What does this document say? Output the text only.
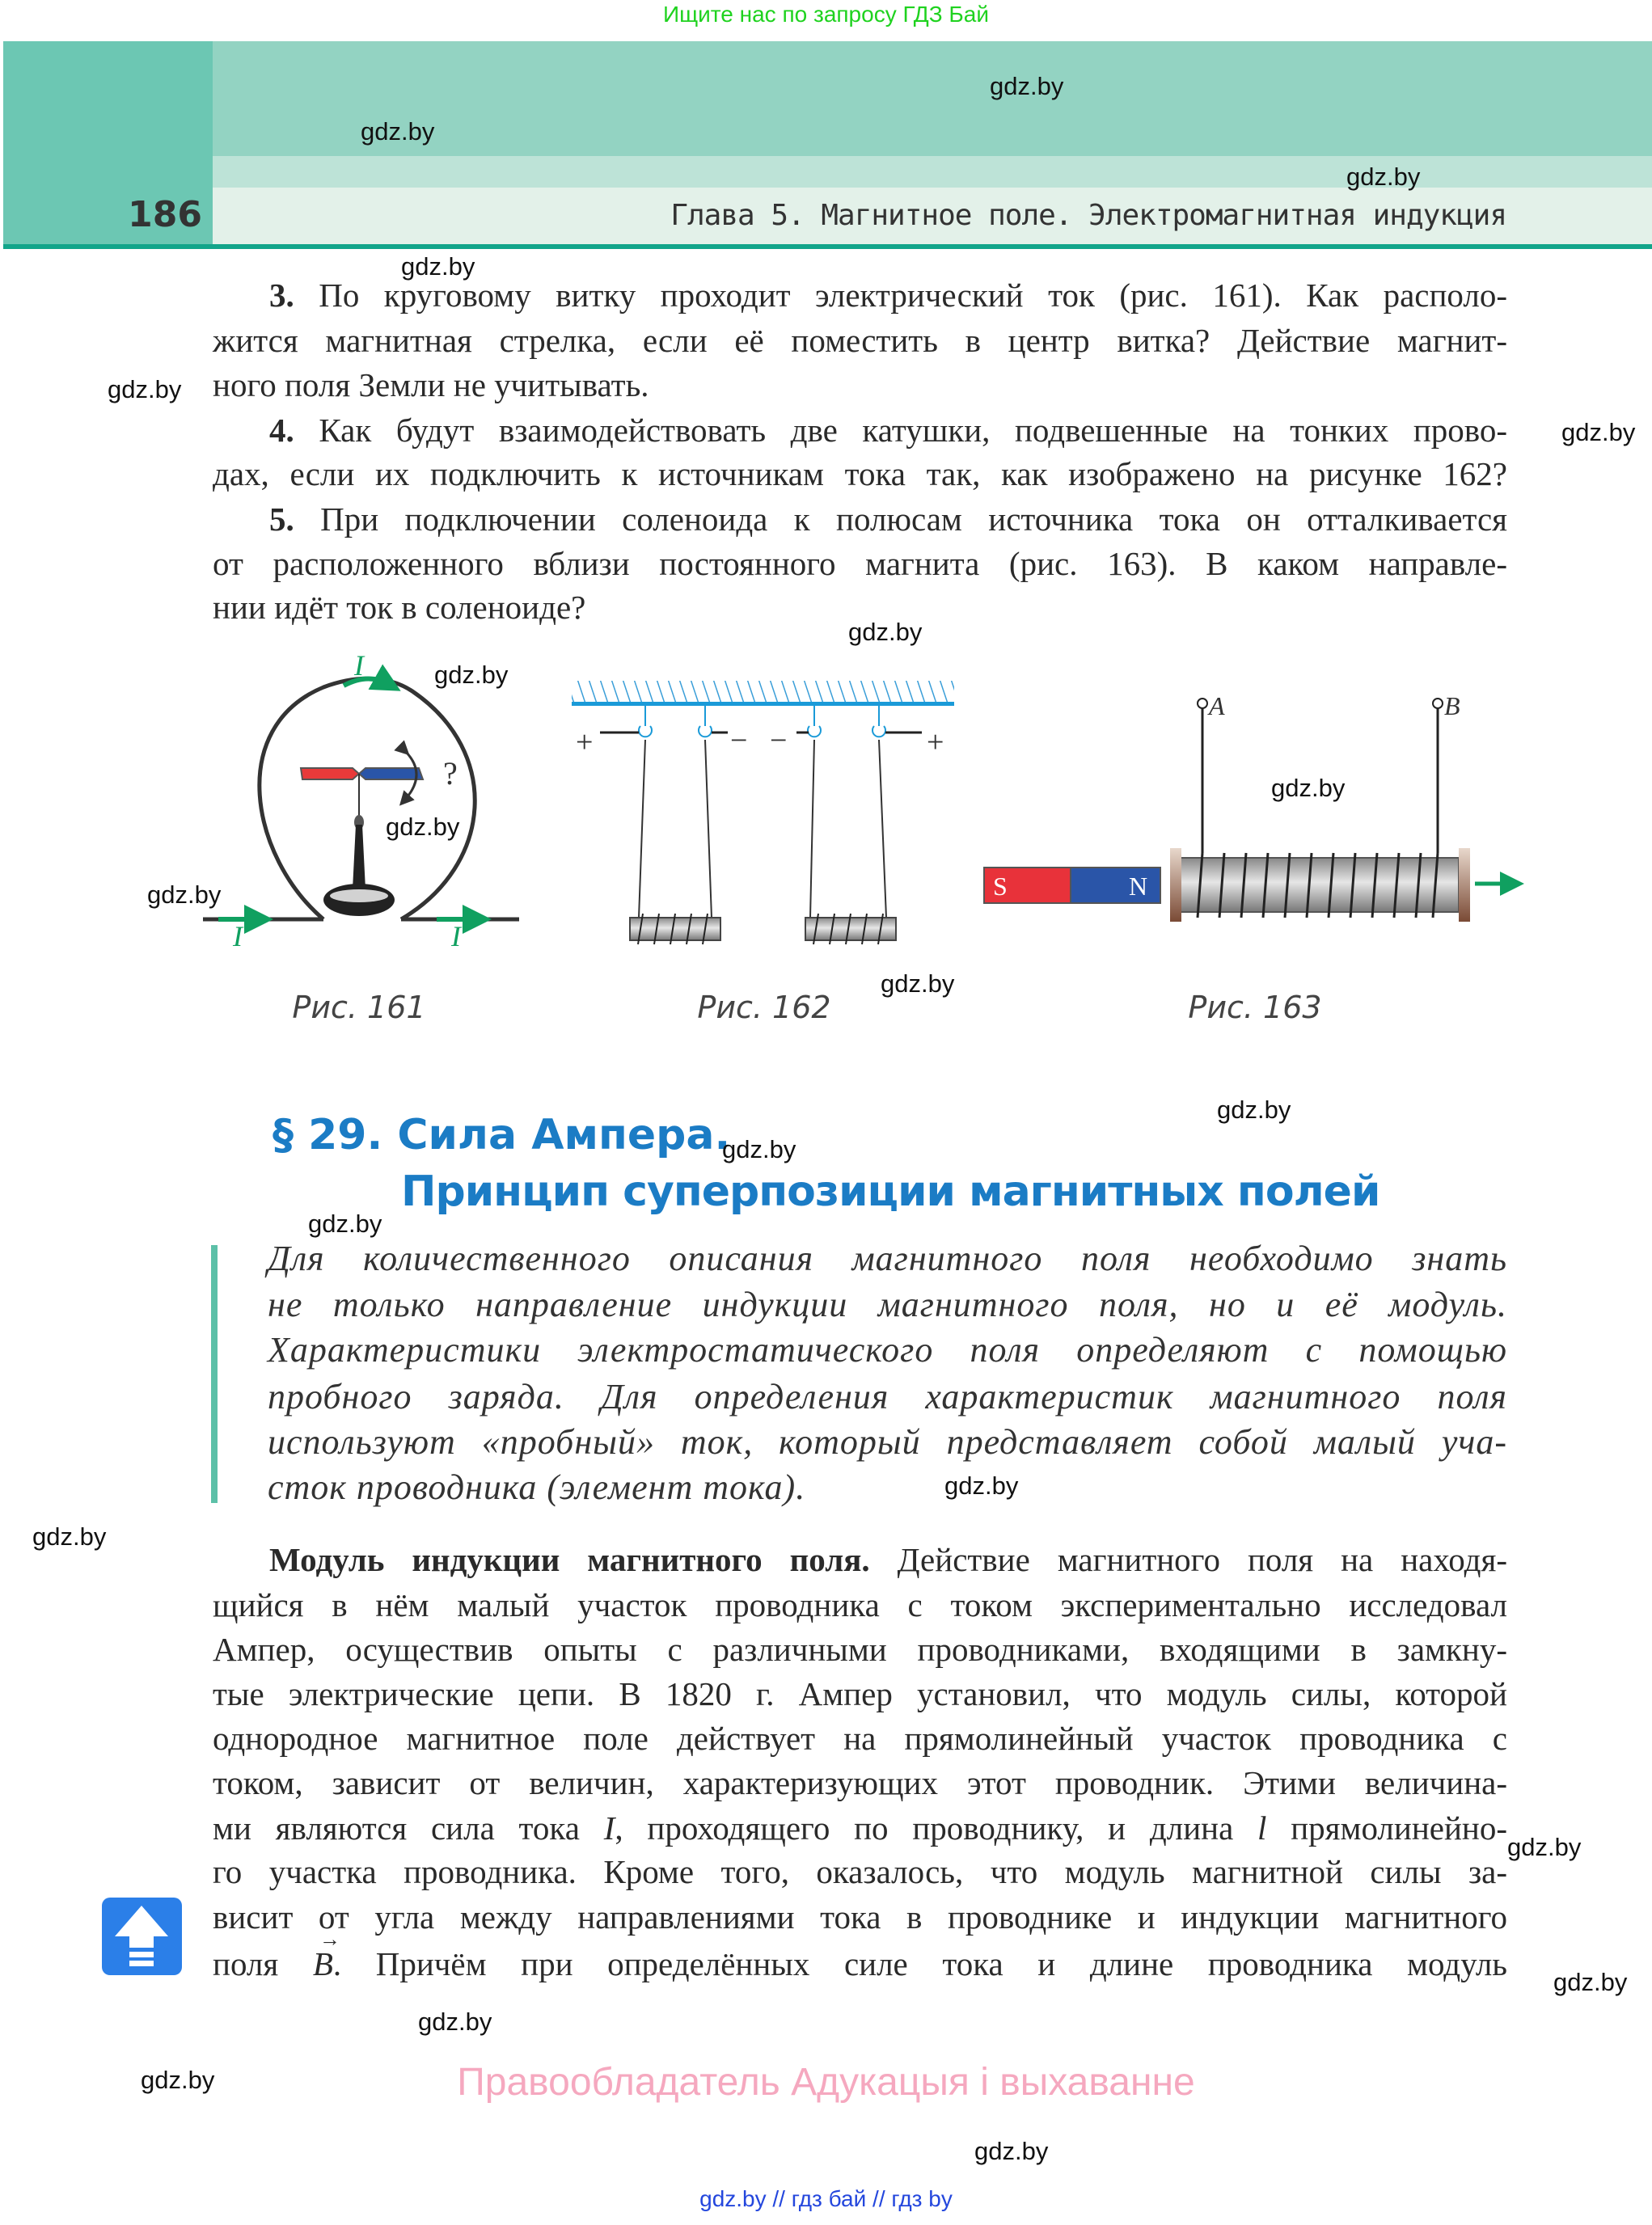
Ищите нас по запросу ГДЗ Бай
186	Глава 5. Магнитное поле. Электромагнитная индукция
3. По круговому витку проходит электрический ток (рис. 161). Как располо-
жится магнитная стрелка, если её поместить в центр витка? Действие магнит-
ного поля Земли не учитывать.
4. Как будут взаимодействовать две катушки, подвешенные на тонких прово-
дах, если их подключить к источникам тока так, как изображено на рисунке 162?
5. При подключении соленоида к полюсам источника тока он отталкивается
от расположенного вблизи постоянного магнита (рис. 163). В каком направле-
нии идёт ток в соленоиде?
?
I
I	I
+	− −	+
S	N
A	B
Рис. 161	Рис. 162	Рис. 163
§ 29. Сила Ампера.
Принцип суперпозиции магнитных полей
Для количественного описания магнитного поля необходимо знать
не только направление индукции магнитного поля, но и её модуль.
Характеристики электростатического поля определяют с помощью
пробного заряда. Для определения характеристик магнитного поля
используют «пробный» ток, который представляет собой малый уча-
сток проводника (элемент тока).
Модуль индукции магнитного поля. Действие магнитного поля на находя-
щийся в нём малый участок проводника с током экспериментально исследовал
Ампер, осуществив опыты с различными проводниками, входящими в замкну-
тые электрические цепи. В 1820 г. Ампер установил, что модуль силы, которой
однородное магнитное поле действует на прямолинейный участок проводника с
током, зависит от величин, характеризующих этот проводник. Этими величина-
ми являются сила тока I, проходящего по проводнику, и длина l прямолинейно-
го участка проводника. Кроме того, оказалось, что модуль магнитной силы за-
висит от угла между направлениями тока в проводнике и индукции магнитного
поля → B. Причём при определённых силе тока и длине проводника модуль
gdz.by
gdz.by
gdz.by
gdz.by
gdz.by
gdz.by
gdz.by
gdz.by
gdz.by
gdz.by
gdz.by
gdz.by
gdz.by
gdz.by
gdz.by
gdz.by
gdz.by
gdz.by
gdz.by
gdz.by
gdz.by
gdz.by
Правообладатель Адукацыя і выхаванне
gdz.by // гдз бай // гдз by
